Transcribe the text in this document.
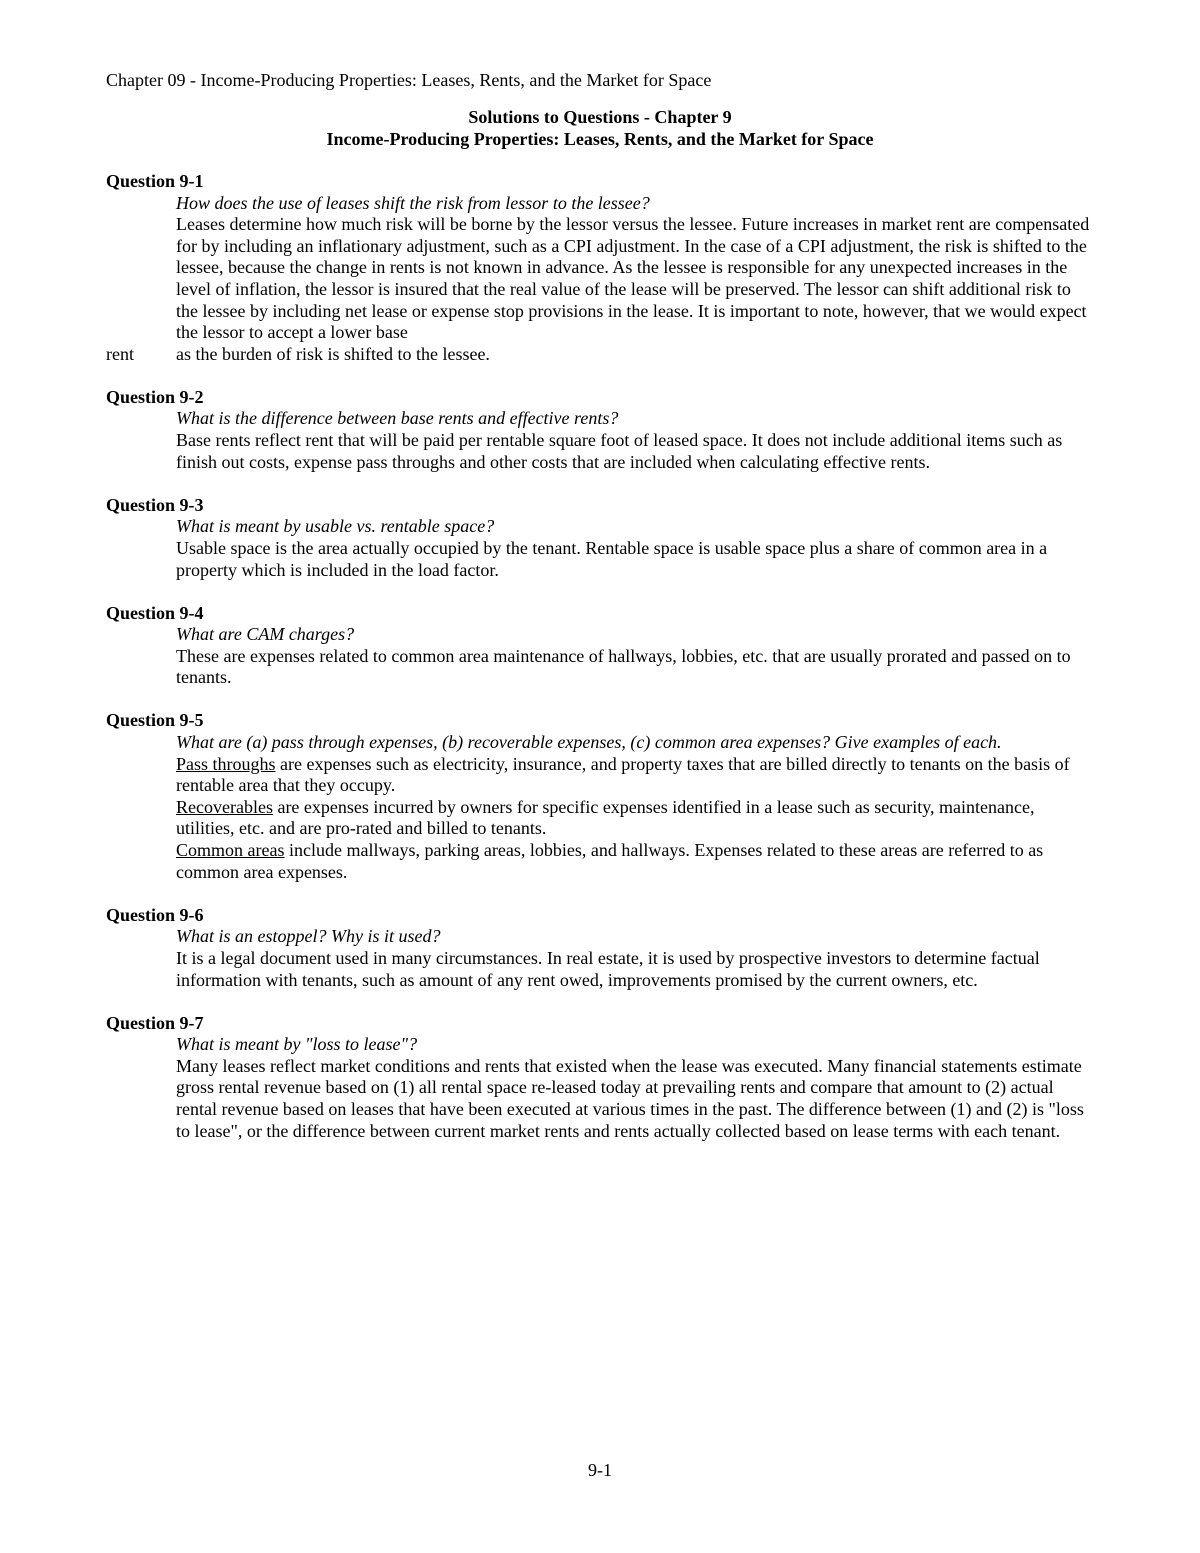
Chapter 09 - Income-Producing Properties: Leases, Rents, and the Market for Space
Solutions to Questions - Chapter 9
Income-Producing Properties: Leases, Rents, and the Market for Space
Question 9-1
How does the use of leases shift the risk from lessor to the lessee?
Leases determine how much risk will be borne by the lessor versus the lessee. Future increases in market rent are compensated for by including an inflationary adjustment, such as a CPI adjustment. In the case of a CPI adjustment, the risk is shifted to the lessee, because the change in rents is not known in advance. As the lessee is responsible for any unexpected increases in the level of inflation, the lessor is insured that the real value of the lease will be preserved. The lessor can shift additional risk to the lessee by including net lease or expense stop provisions in the lease. It is important to note, however, that we would expect the lessor to accept a lower base
rent as the burden of risk is shifted to the lessee.
Question 9-2
What is the difference between base rents and effective rents?
Base rents reflect rent that will be paid per rentable square foot of leased space. It does not include additional items such as finish out costs, expense pass throughs and other costs that are included when calculating effective rents.
Question 9-3
What is meant by usable vs. rentable space?
Usable space is the area actually occupied by the tenant. Rentable space is usable space plus a share of common area in a property which is included in the load factor.
Question 9-4
What are CAM charges?
These are expenses related to common area maintenance of hallways, lobbies, etc. that are usually prorated and passed on to tenants.
Question 9-5
What are (a) pass through expenses, (b) recoverable expenses, (c) common area expenses? Give examples of each.
Pass throughs are expenses such as electricity, insurance, and property taxes that are billed directly to tenants on the basis of rentable area that they occupy.
Recoverables are expenses incurred by owners for specific expenses identified in a lease such as security, maintenance, utilities, etc. and are pro-rated and billed to tenants.
Common areas include mallways, parking areas, lobbies, and hallways. Expenses related to these areas are referred to as common area expenses.
Question 9-6
What is an estoppel? Why is it used?
It is a legal document used in many circumstances. In real estate, it is used by prospective investors to determine factual information with tenants, such as amount of any rent owed, improvements promised by the current owners, etc.
Question 9-7
What is meant by "loss to lease"?
Many leases reflect market conditions and rents that existed when the lease was executed. Many financial statements estimate gross rental revenue based on (1) all rental space re-leased today at prevailing rents and compare that amount to (2) actual rental revenue based on leases that have been executed at various times in the past. The difference between (1) and (2) is "loss to lease", or the difference between current market rents and rents actually collected based on lease terms with each tenant.
9-1
